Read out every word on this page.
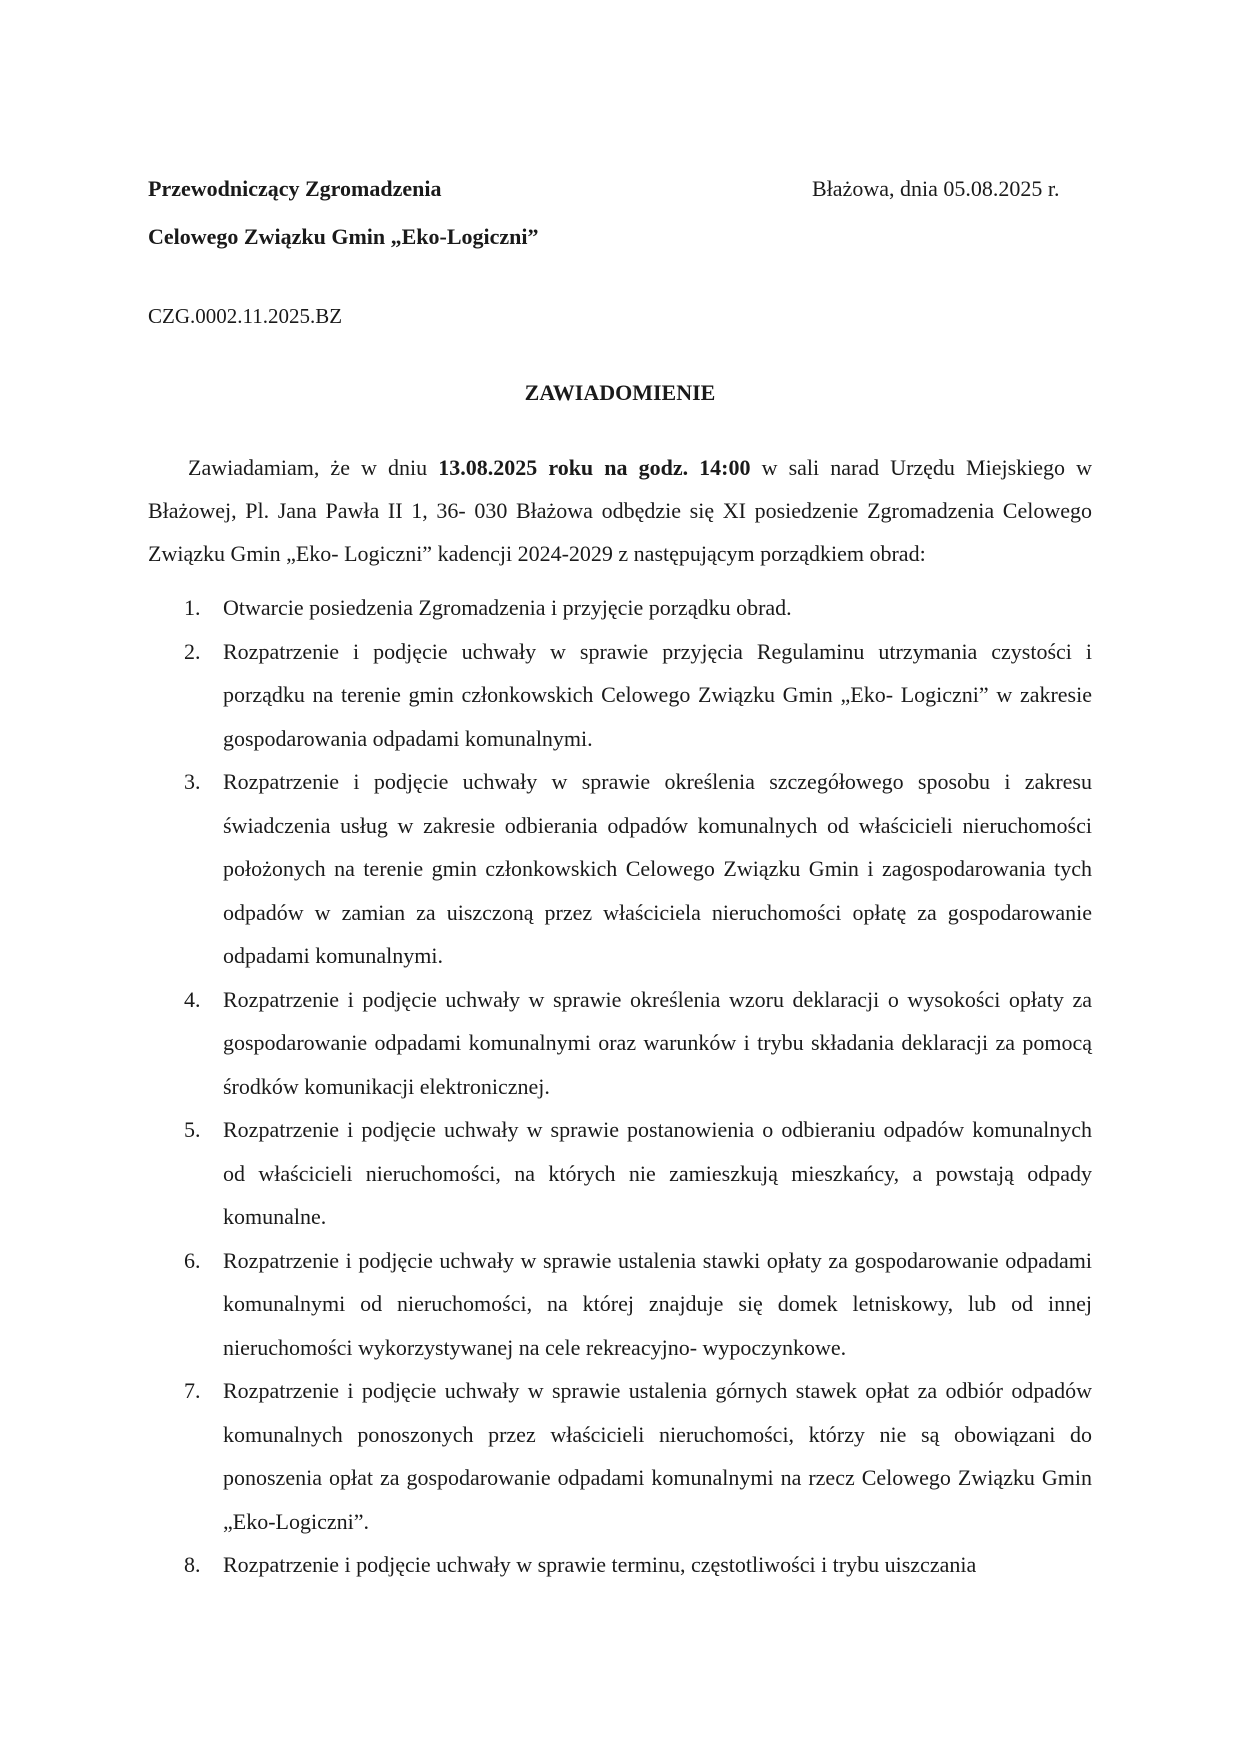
Przewodniczący Zgromadzenia
Celowego Związku Gmin „Eko-Logiczni”
Błażowa, dnia 05.08.2025 r.
CZG.0002.11.2025.BZ
ZAWIADOMIENIE

Zawiadamiam, że w dniu 13.08.2025 roku na godz. 14:00 w sali narad Urzędu Miejskiego w Błażowej, Pl. Jana Pawła II 1, 36- 030 Błażowa odbędzie się XI posiedzenie Zgromadzenia Celowego Związku Gmin „Eko- Logiczni” kadencji 2024-2029 z następującym porządkiem obrad:

1. Otwarcie posiedzenia Zgromadzenia i przyjęcie porządku obrad.
2. Rozpatrzenie i podjęcie uchwały w sprawie przyjęcia Regulaminu utrzymania czystości i porządku na terenie gmin członkowskich Celowego Związku Gmin „Eko- Logiczni” w zakresie gospodarowania odpadami komunalnymi.
3. Rozpatrzenie i podjęcie uchwały w sprawie określenia szczegółowego sposobu i zakresu świadczenia usług w zakresie odbierania odpadów komunalnych od właścicieli nieruchomości położonych na terenie gmin członkowskich Celowego Związku Gmin i zagospodarowania tych odpadów w zamian za uiszczoną przez właściciela nieruchomości opłatę za gospodarowanie odpadami komunalnymi.
4. Rozpatrzenie i podjęcie uchwały w sprawie określenia wzoru deklaracji o wysokości opłaty za gospodarowanie odpadami komunalnymi oraz warunków i trybu składania deklaracji za pomocą środków komunikacji elektronicznej.
5. Rozpatrzenie i podjęcie uchwały w sprawie postanowienia o odbieraniu odpadów komunalnych od właścicieli nieruchomości, na których nie zamieszkują mieszkańcy, a powstają odpady komunalne.
6. Rozpatrzenie i podjęcie uchwały w sprawie ustalenia stawki opłaty za gospodarowanie odpadami komunalnymi od nieruchomości, na której znajduje się domek letniskowy, lub od innej nieruchomości wykorzystywanej na cele rekreacyjno- wypoczynkowe.
7. Rozpatrzenie i podjęcie uchwały w sprawie ustalenia górnych stawek opłat za odbiór odpadów komunalnych ponoszonych przez właścicieli nieruchomości, którzy nie są obowiązani do ponoszenia opłat za gospodarowanie odpadami komunalnymi na rzecz Celowego Związku Gmin „Eko-Logiczni”.
8. Rozpatrzenie i podjęcie uchwały w sprawie terminu, częstotliwości i trybu uiszczania
